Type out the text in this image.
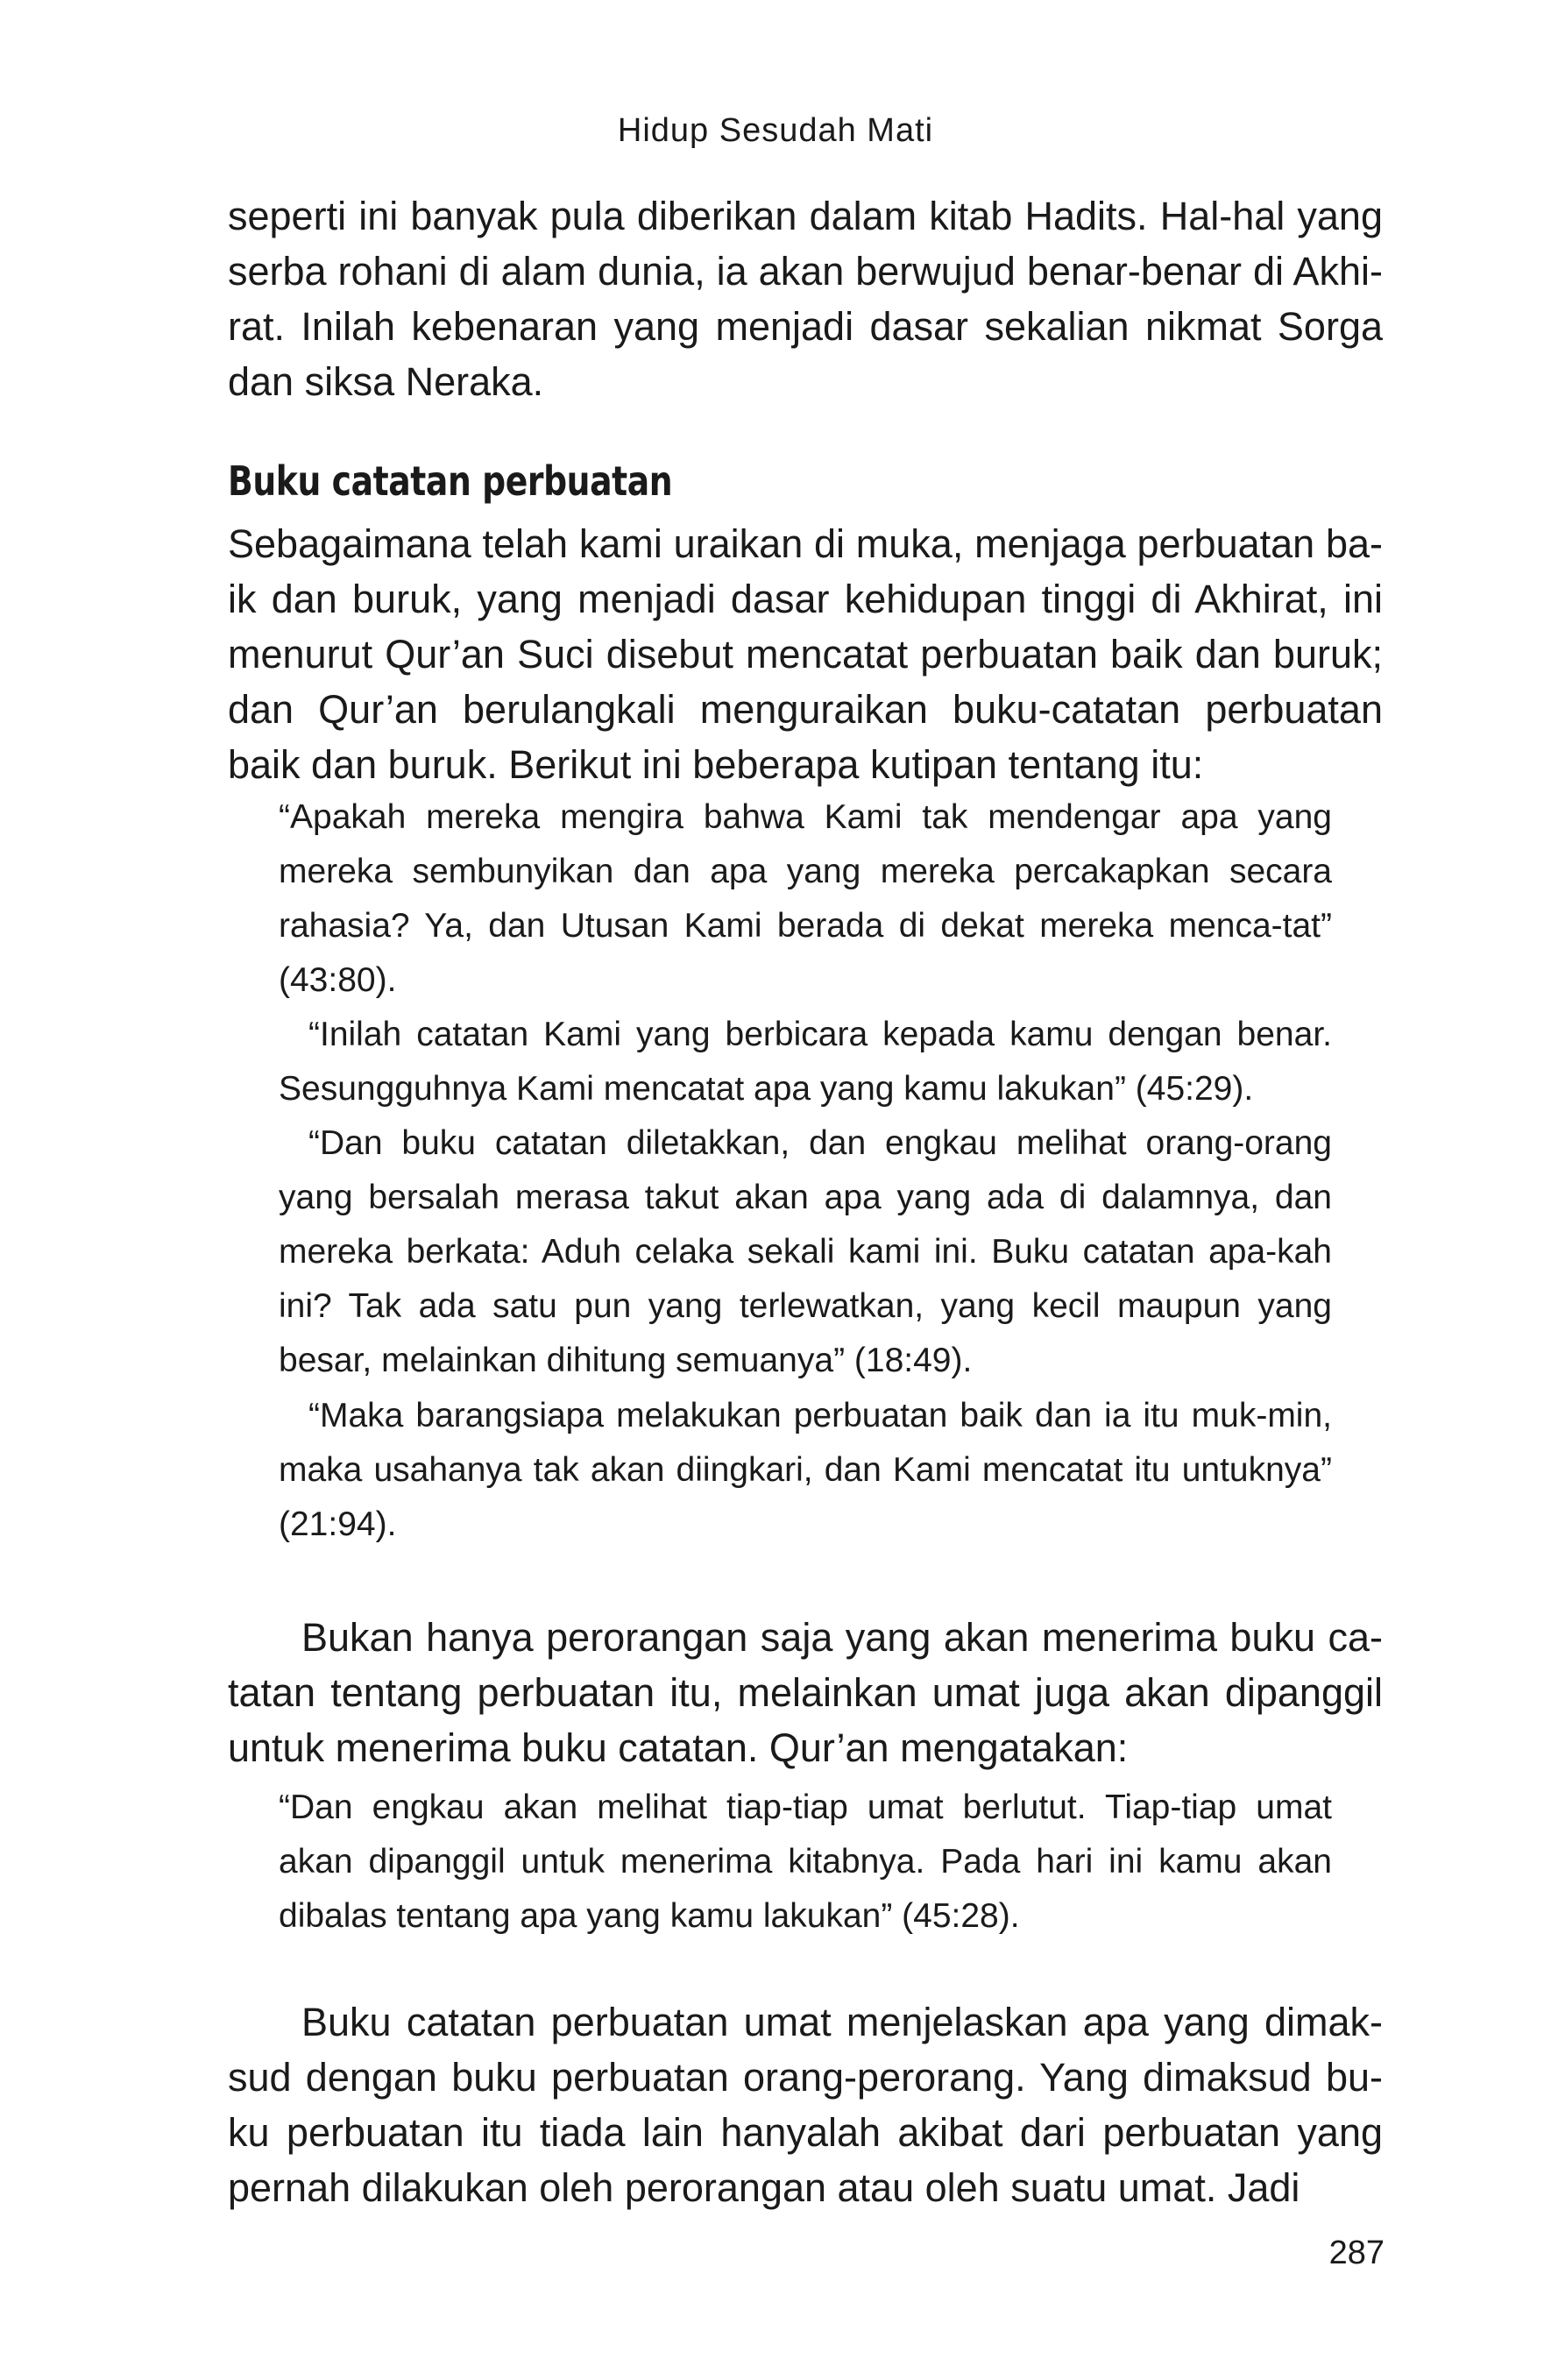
Hidup Sesudah Mati

seperti ini banyak pula diberikan dalam kitab Hadits. Hal-hal yang serba rohani di alam dunia, ia akan berwujud benar-benar di Akhi-rat. Inilah kebenaran yang menjadi dasar sekalian nikmat Sorga dan siksa Neraka.

Buku catatan perbuatan

Sebagaimana telah kami uraikan di muka, menjaga perbuatan ba-ik dan buruk, yang menjadi dasar kehidupan tinggi di Akhirat, ini menurut Qur’an Suci disebut mencatat perbuatan baik dan buruk; dan Qur’an berulangkali menguraikan buku-catatan perbuatan baik dan buruk. Berikut ini beberapa kutipan tentang itu:

“Apakah mereka mengira bahwa Kami tak mendengar apa yang mereka sembunyikan dan apa yang mereka percakapkan secara rahasia? Ya, dan Utusan Kami berada di dekat mereka menca-tat” (43:80).

“Inilah catatan Kami yang berbicara kepada kamu dengan benar. Sesungguhnya Kami mencatat apa yang kamu lakukan” (45:29).

“Dan buku catatan diletakkan, dan engkau melihat orang-orang yang bersalah merasa takut akan apa yang ada di dalamnya, dan mereka berkata: Aduh celaka sekali kami ini. Buku catatan apa-kah ini? Tak ada satu pun yang terlewatkan, yang kecil maupun yang besar, melainkan dihitung semuanya” (18:49).

“Maka barangsiapa melakukan perbuatan baik dan ia itu muk-min, maka usahanya tak akan diingkari, dan Kami mencatat itu untuknya” (21:94).

Bukan hanya perorangan saja yang akan menerima buku ca-tatan tentang perbuatan itu, melainkan umat juga akan dipanggil untuk menerima buku catatan. Qur’an mengatakan:

“Dan engkau akan melihat tiap-tiap umat berlutut. Tiap-tiap umat akan dipanggil untuk menerima kitabnya. Pada hari ini kamu akan dibalas tentang apa yang kamu lakukan” (45:28).

Buku catatan perbuatan umat menjelaskan apa yang dimak-sud dengan buku perbuatan orang-perorang. Yang dimaksud bu-ku perbuatan itu tiada lain hanyalah akibat dari perbuatan yang pernah dilakukan oleh perorangan atau oleh suatu umat. Jadi

287
